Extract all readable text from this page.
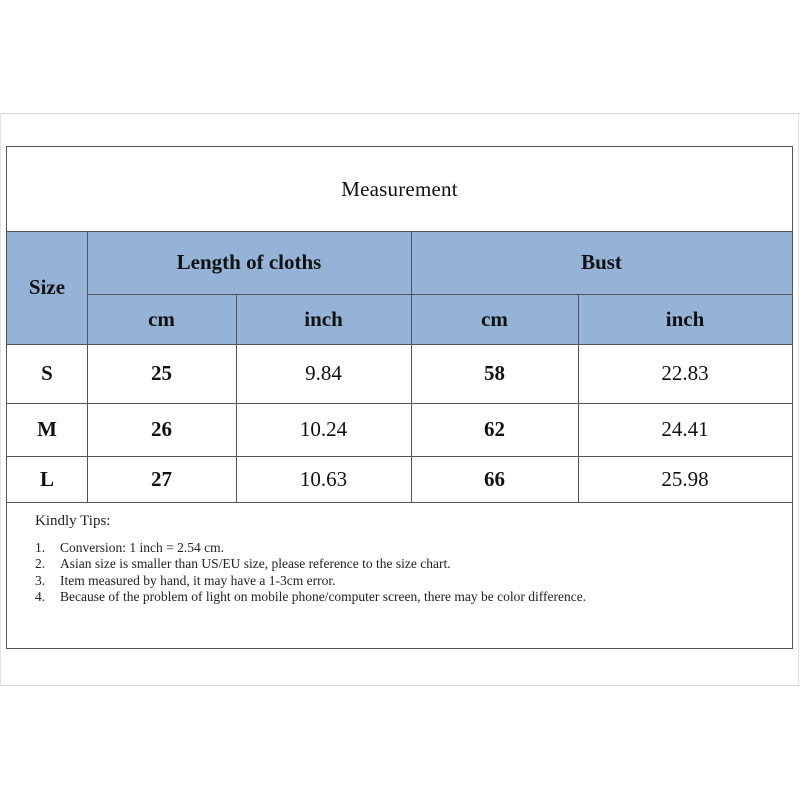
Measurement
Size
Length of cloths	Bust
cm	inch	cm	inch
S	25	9.84	58	22.83
M	26	10.24	62	24.41
L	27	10.63	66	25.98
Kindly Tips:
1.	Conversion: 1 inch = 2.54 cm.
2.	Asian size is smaller than US/EU size, please reference to the size chart.
3.	Item measured by hand, it may have a 1-3cm error.
4.	Because of the problem of light on mobile phone/computer screen, there may be color difference.
